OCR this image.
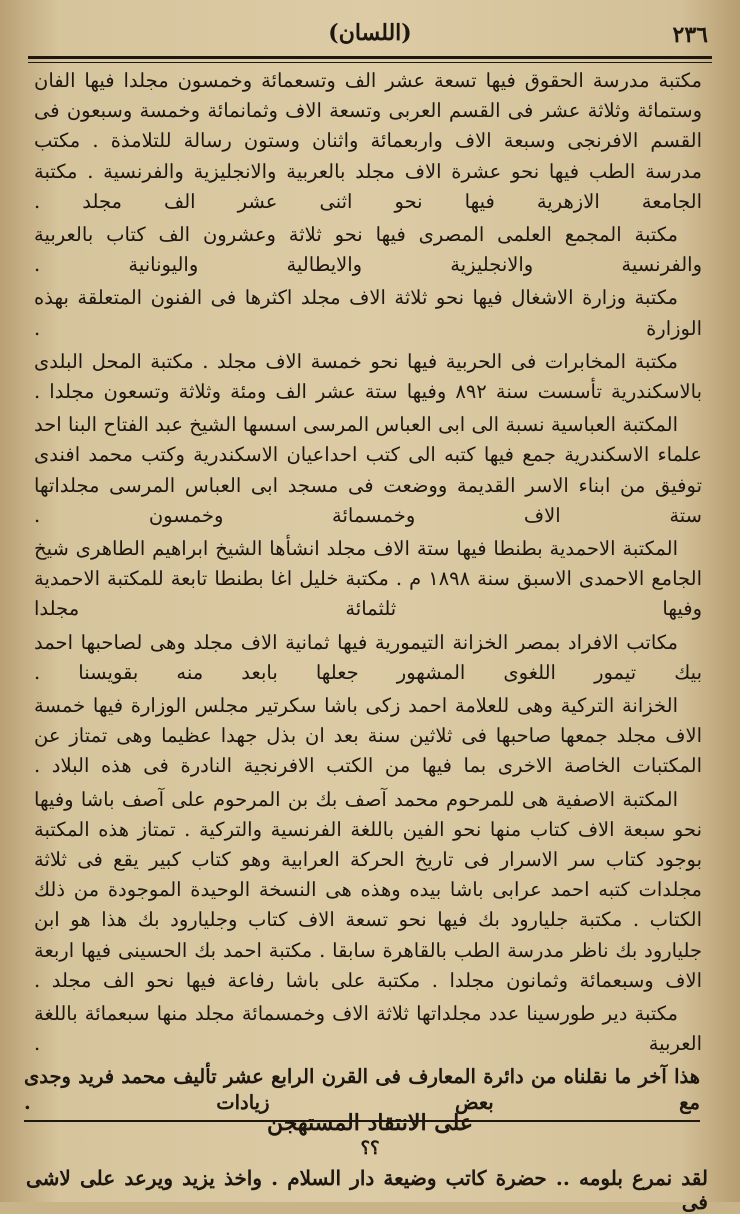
٢٣٦
(اللسان)

مكتبة مدرسة الحقوق فيها تسعة عشر الف وتسعمائة وخمسون مجلدا فيها الفان وستمائة وثلاثة عشر فى القسم العربى وتسعة الاف وثمانمائة وخمسة وسبعون فى القسم الافرنجى وسبعة الاف واربعمائة واثنان وستون رسالة للتلامذة . مكتب مدرسة الطب فيها نحو عشرة الاف مجلد بالعربية والانجليزية والفرنسية . مكتبة الجامعة الازهرية فيها نحو اثنى عشر الف مجلد .

مكتبة المجمع العلمى المصرى فيها نحو ثلاثة وعشرون الف كتاب بالعربية والفرنسية والانجليزية والايطالية واليونانية .

مكتبة وزارة الاشغال فيها نحو ثلاثة الاف مجلد اكثرها فى الفنون المتعلقة بهذه الوزارة .

مكتبة المخابرات فى الحربية فيها نحو خمسة الاف مجلد . مكتبة المحل البلدى بالاسكندرية تأسست سنة ٨٩٢ وفيها ستة عشر الف ومئة وثلاثة وتسعون مجلدا .

المكتبة العباسية نسبة الى ابى العباس المرسى اسسها الشيخ عبد الفتاح البنا احد علماء الاسكندرية جمع فيها كتبه الى كتب احداعيان الاسكندرية وكتب محمد افندى توفيق من ابناء الاسر القديمة ووضعت فى مسجد ابى العباس المرسى مجلداتها ستة الاف وخمسمائة وخمسون .

المكتبة الاحمدية بطنطا فيها ستة الاف مجلد انشأها الشيخ ابراهيم الطاهرى شيخ الجامع الاحمدى الاسبق سنة ١٨٩٨ م . مكتبة خليل اغا بطنطا تابعة للمكتبة الاحمدية وفيها ثلثمائة مجلدا

مكاتب الافراد بمصر الخزانة التيمورية فيها ثمانية الاف مجلد وهى لصاحبها احمد بيك تيمور اللغوى المشهور جعلها بابعد منه بقويسنا .

الخزانة التركية وهى للعلامة احمد زكى باشا سكرتير مجلس الوزارة فيها خمسة الاف مجلد جمعها صاحبها فى ثلاثين سنة بعد ان بذل جهدا عظيما وهى تمتاز عن المكتبات الخاصة الاخرى بما فيها من الكتب الافرنجية النادرة فى هذه البلاد .

المكتبة الاصفية هى للمرحوم محمد آصف بك بن المرحوم على آصف باشا وفيها نحو سبعة الاف كتاب منها نحو الفين باللغة الفرنسية والتركية . تمتاز هذه المكتبة بوجود كتاب سر الاسرار فى تاريخ الحركة العرابية وهو كتاب كبير يقع فى ثلاثة مجلدات كتبه احمد عرابى باشا بيده وهذه هى النسخة الوحيدة الموجودة من ذلك الكتاب . مكتبة جليارود بك فيها نحو تسعة الاف كتاب وجليارود بك هذا هو ابن جليارود بك ناظر مدرسة الطب بالقاهرة سابقا . مكتبة احمد بك الحسينى فيها اربعة الاف وسبعمائة وثمانون مجلدا . مكتبة على باشا رفاعة فيها نحو الف مجلد .

مكتبة دير طورسينا عدد مجلداتها ثلاثة الاف وخمسمائة مجلد منها سبعمائة باللغة العربية .

هذا آخر ما نقلناه من دائرة المعارف فى القرن الرابع عشر تأليف محمد فريد وجدى مع بعض زيادات .
على الانتقاد المستهجن
؟؟
لقد نمرع بلومه .. حضرة كاتب وضيعة دار السلام . واخذ يزيد ويرعد على لاشى فى
